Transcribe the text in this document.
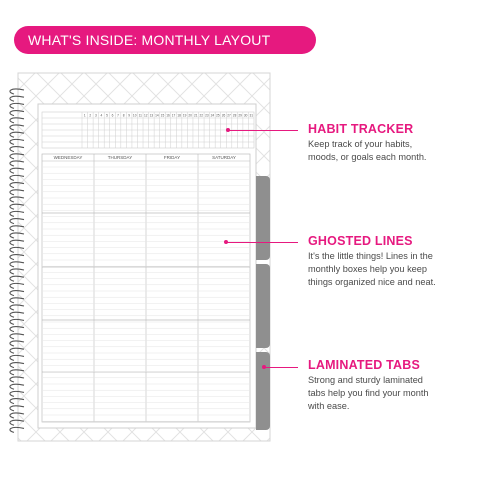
WHAT'S INSIDE: MONTHLY LAYOUT
1 2 3 4 5 6 7 8 9 10 11 12 13 14 15 16 17 18 19 20 21 22 23 24 25 26 27 28 29 30 31
WEDNESDAY	THURSDAY	FRIDAY	SATURDAY
HABIT TRACKER
Keep track of your habits,
moods, or goals each month.
GHOSTED LINES
It's the little things! Lines in the
monthly boxes help you keep
things organized nice and neat.
LAMINATED TABS
Strong and sturdy laminated
tabs help you find your month
with ease.
